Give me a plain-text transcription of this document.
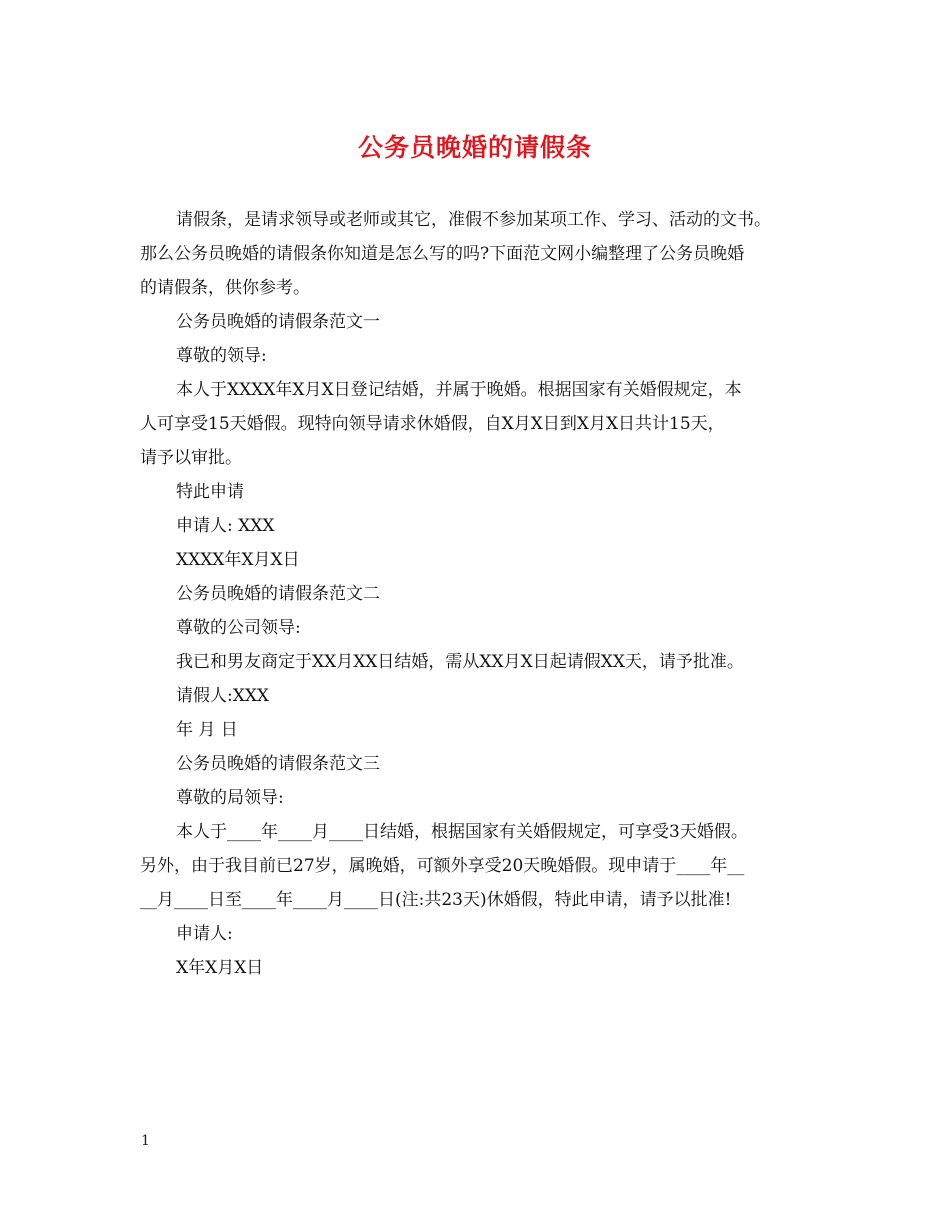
公务员晚婚的请假条

请假条，是请求领导或老师或其它，准假不参加某项工作、学习、活动的文书。

那么公务员晚婚的请假条你知道是怎么写的吗?下面范文网小编整理了公务员晚婚

的请假条，供你参考。

公务员晚婚的请假条范文一

尊敬的领导:

本人于XXXX年X月X日登记结婚，并属于晚婚。根据国家有关婚假规定，本

人可享受15天婚假。现特向领导请求休婚假，自X月X日到X月X日共计15天，

请予以审批。

特此申请

申请人: XXX

XXXX年X月X日

公务员晚婚的请假条范文二

尊敬的公司领导:

我已和男友商定于XX月XX日结婚，需从XX月X日起请假XX天，请予批准。

请假人:XXX

年 月 日

公务员晚婚的请假条范文三

尊敬的局领导:

本人于____年____月____日结婚，根据国家有关婚假规定，可享受3天婚假。

另外，由于我目前已27岁，属晚婚，可额外享受20天晚婚假。现申请于____年__

__月____日至____年____月____日(注:共23天)休婚假，特此申请，请予以批准!

申请人:

X年X月X日

1
